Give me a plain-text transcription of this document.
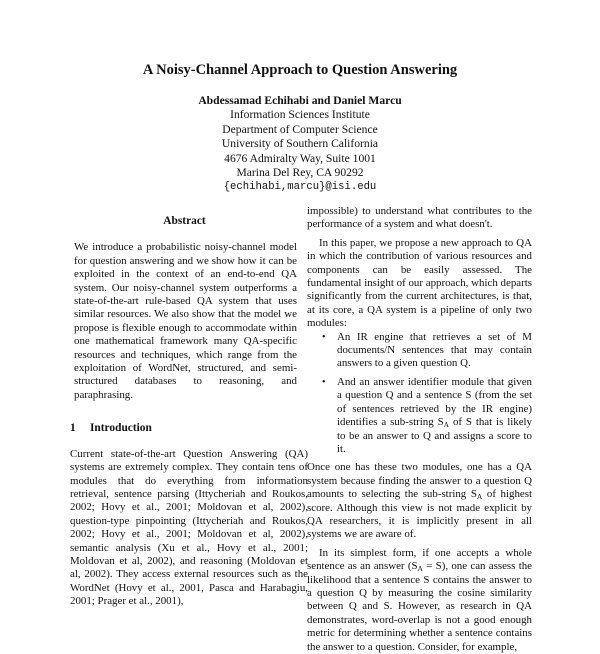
A Noisy-Channel Approach to Question Answering
Abdessamad Echihabi and Daniel Marcu
Information Sciences Institute
Department of Computer Science
University of Southern California
4676 Admiralty Way, Suite 1001
Marina Del Rey, CA 90292
{echihabi,marcu}@isi.edu
Abstract
We introduce a probabilistic noisy-channel model for question answering and we show how it can be exploited in the context of an end-to-end QA system. Our noisy-channel system outperforms a state-of-the-art rule-based QA system that uses similar resources. We also show that the model we propose is flexible enough to accommodate within one mathematical framework many QA-specific resources and techniques, which range from the exploitation of WordNet, structured, and semi-structured databases to reasoning, and paraphrasing.
1 Introduction
Current state-of-the-art Question Answering (QA) systems are extremely complex. They contain tens of modules that do everything from information retrieval, sentence parsing (Ittycheriah and Roukos, 2002; Hovy et al., 2001; Moldovan et al, 2002), question-type pinpointing (Ittycheriah and Roukos, 2002; Hovy et al., 2001; Moldovan et al, 2002), semantic analysis (Xu et al., Hovy et al., 2001; Moldovan et al, 2002), and reasoning (Moldovan et al, 2002). They access external resources such as the WordNet (Hovy et al., 2001, Pasca and Harabagiu, 2001; Prager et al., 2001),
impossible) to understand what contributes to the performance of a system and what doesn't.
In this paper, we propose a new approach to QA in which the contribution of various resources and components can be easily assessed. The fundamental insight of our approach, which departs significantly from the current architectures, is that, at its core, a QA system is a pipeline of only two modules:
• An IR engine that retrieves a set of M documents/N sentences that may contain answers to a given question Q.
• And an answer identifier module that given a question Q and a sentence S (from the set of sentences retrieved by the IR engine) identifies a sub-string $S_A$ of S that is likely to be an answer to Q and assigns a score to it.
Once one has these two modules, one has a QA system because finding the answer to a question Q amounts to selecting the sub-string $S_A$ of highest score. Although this view is not made explicit by QA researchers, it is implicitly present in all systems we are aware of.
In its simplest form, if one accepts a whole sentence as an answer $(S_A = S)$, one can assess the likelihood that a sentence S contains the answer to a question Q by measuring the cosine similarity between Q and S. However, as research in QA demonstrates, word-overlap is not a good enough metric for determining whether a sentence contains the answer to a question. Consider, for example,
